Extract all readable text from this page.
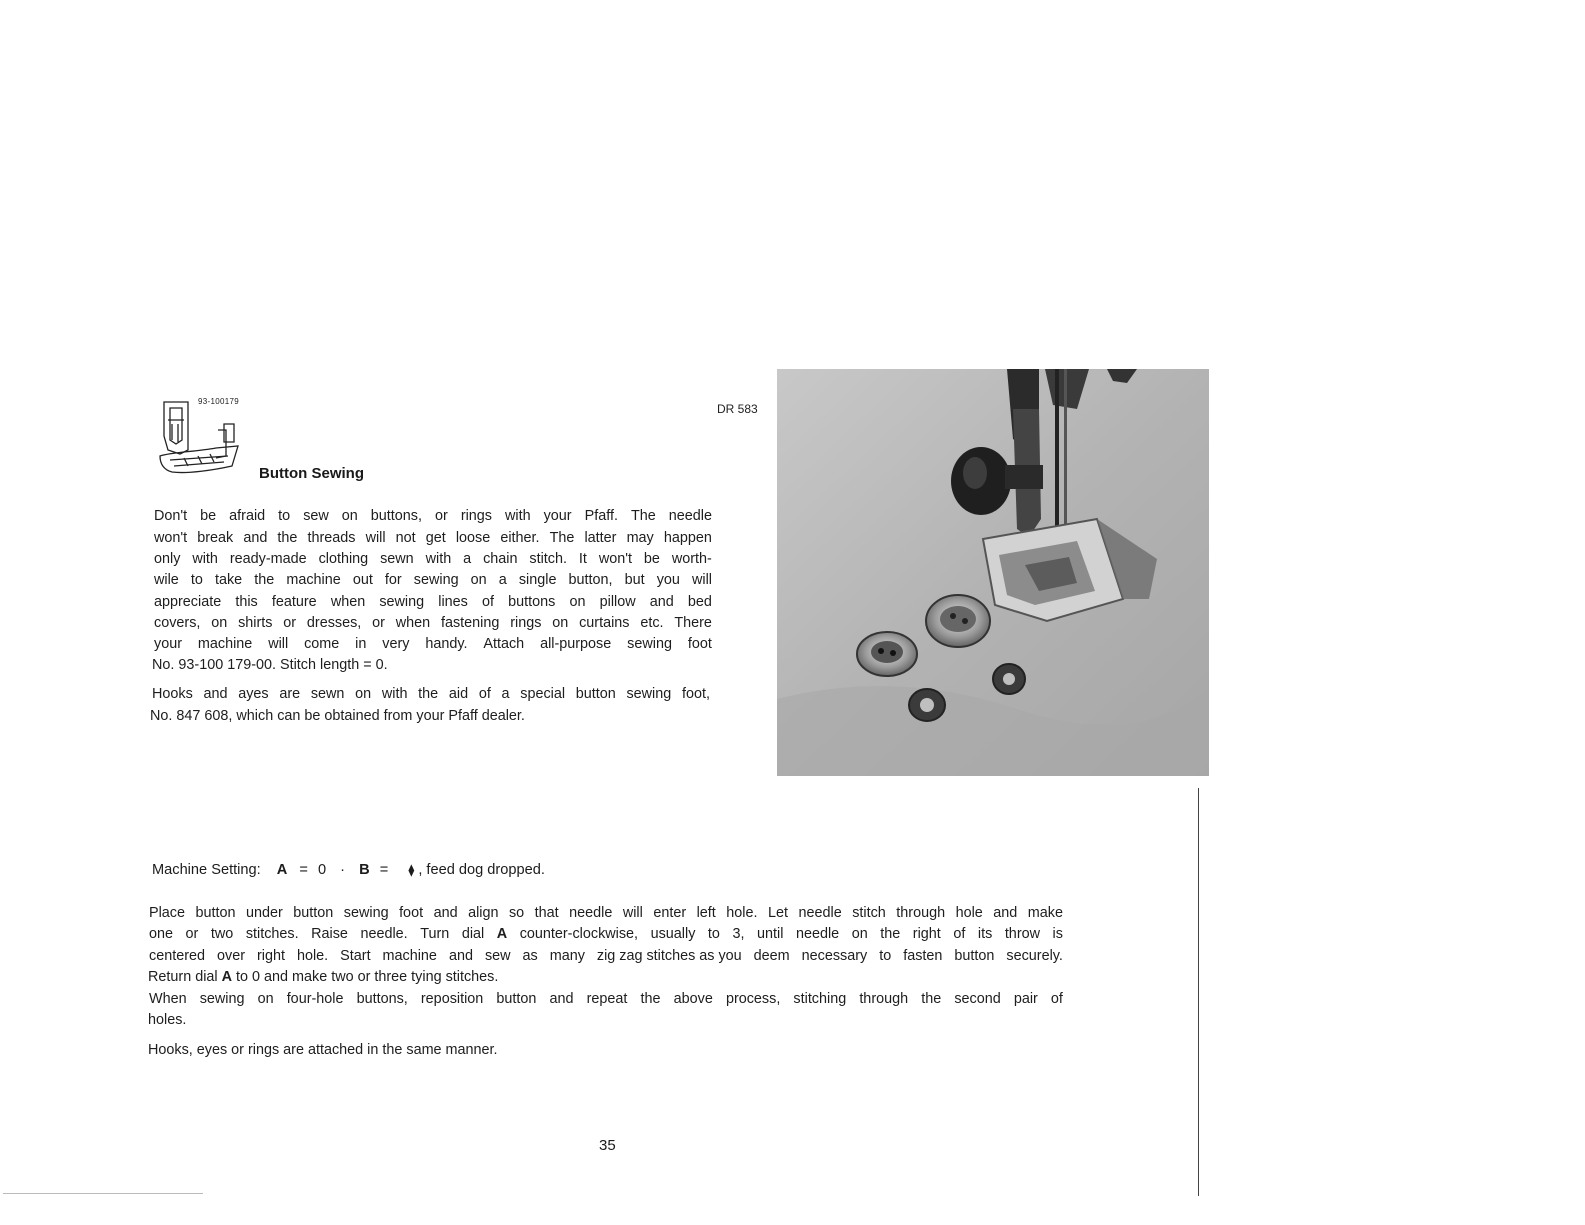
93-100179
DR 583
Button Sewing
Don't be afraid to sew on buttons, or rings with your Pfaff. The needle
won't break and the threads will not get loose either. The latter may happen
only with ready-made clothing sewn with a chain stitch. It won't be worth-
wile to take the machine out for sewing on a single button, but you will
appreciate this feature when sewing lines of buttons on pillow and bed
covers, on shirts or dresses, or when fastening rings on curtains etc. There
your machine will come in very handy. Attach all-purpose sewing foot
No. 93-100 179-00. Stitch length = 0.
Hooks and ayes are sewn on with the aid of a special button sewing foot,
No. 847 608, which can be obtained from your Pfaff dealer.
Machine Setting: A = 0 · B = ⧫ , feed dog dropped.
Place button under button sewing foot and align so that needle will enter left hole. Let needle stitch through hole and make
one or two stitches. Raise needle. Turn dial A counter-clockwise, usually to 3, until needle on the right of its throw is
centered over right hole. Start machine and sew as many zig zag stitches as you deem necessary to fasten button securely.
Return dial A to 0 and make two or three tying stitches.
When sewing on four-hole buttons, reposition button and repeat the above process, stitching through the second pair of
holes.
Hooks, eyes or rings are attached in the same manner.
35
